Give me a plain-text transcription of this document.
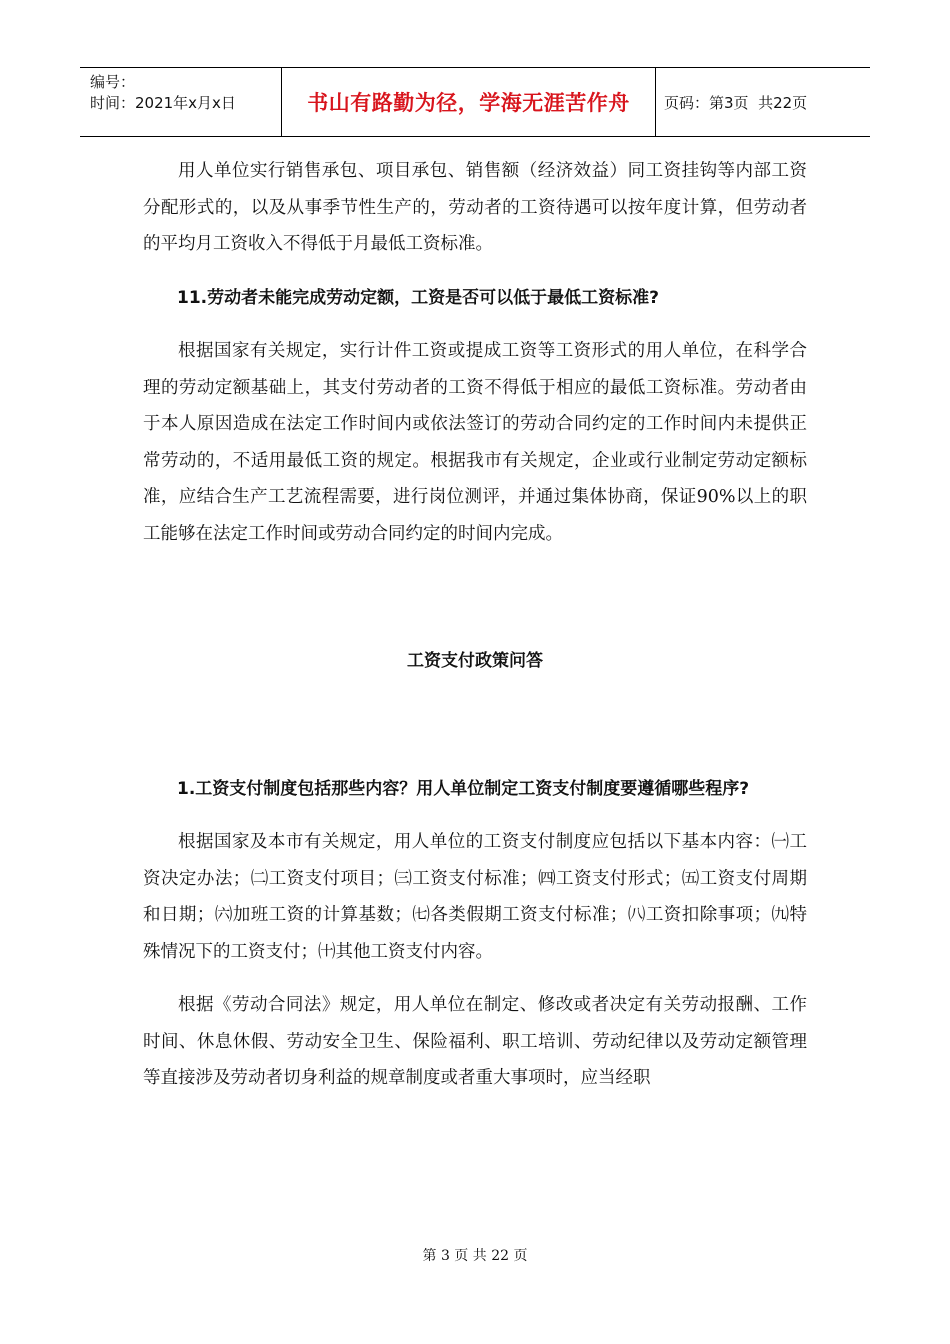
编号：
时间：2021年x月x日	书山有路勤为径，学海无涯苦作舟 页码：第3页  共22页

用人单位实行销售承包、项目承包、销售额（经济效益）同工资挂钩等内部工资分配形式的，以及从事季节性生产的，劳动者的工资待遇可以按年度计算，但劳动者的平均月工资收入不得低于月最低工资标准。

11.劳动者未能完成劳动定额，工资是否可以低于最低工资标准?

根据国家有关规定，实行计件工资或提成工资等工资形式的用人单位，在科学合理的劳动定额基础上，其支付劳动者的工资不得低于相应的最低工资标准。劳动者由于本人原因造成在法定工作时间内或依法签订的劳动合同约定的工作时间内未提供正常劳动的，不适用最低工资的规定。根据我市有关规定，企业或行业制定劳动定额标准，应结合生产工艺流程需要，进行岗位测评，并通过集体协商，保证90%以上的职工能够在法定工作时间或劳动合同约定的时间内完成。

工资支付政策问答

1.工资支付制度包括那些内容？用人单位制定工资支付制度要遵循哪些程序?

根据国家及本市有关规定，用人单位的工资支付制度应包括以下基本内容：㈠工资决定办法；㈡工资支付项目；㈢工资支付标准；㈣工资支付形式；㈤工资支付周期和日期；㈥加班工资的计算基数；㈦各类假期工资支付标准；㈧工资扣除事项；㈨特殊情况下的工资支付；㈩其他工资支付内容。

根据《劳动合同法》规定，用人单位在制定、修改或者决定有关劳动报酬、工作时间、休息休假、劳动安全卫生、保险福利、职工培训、劳动纪律以及劳动定额管理等直接涉及劳动者切身利益的规章制度或者重大事项时，应当经职

第 3 页 共 22 页
